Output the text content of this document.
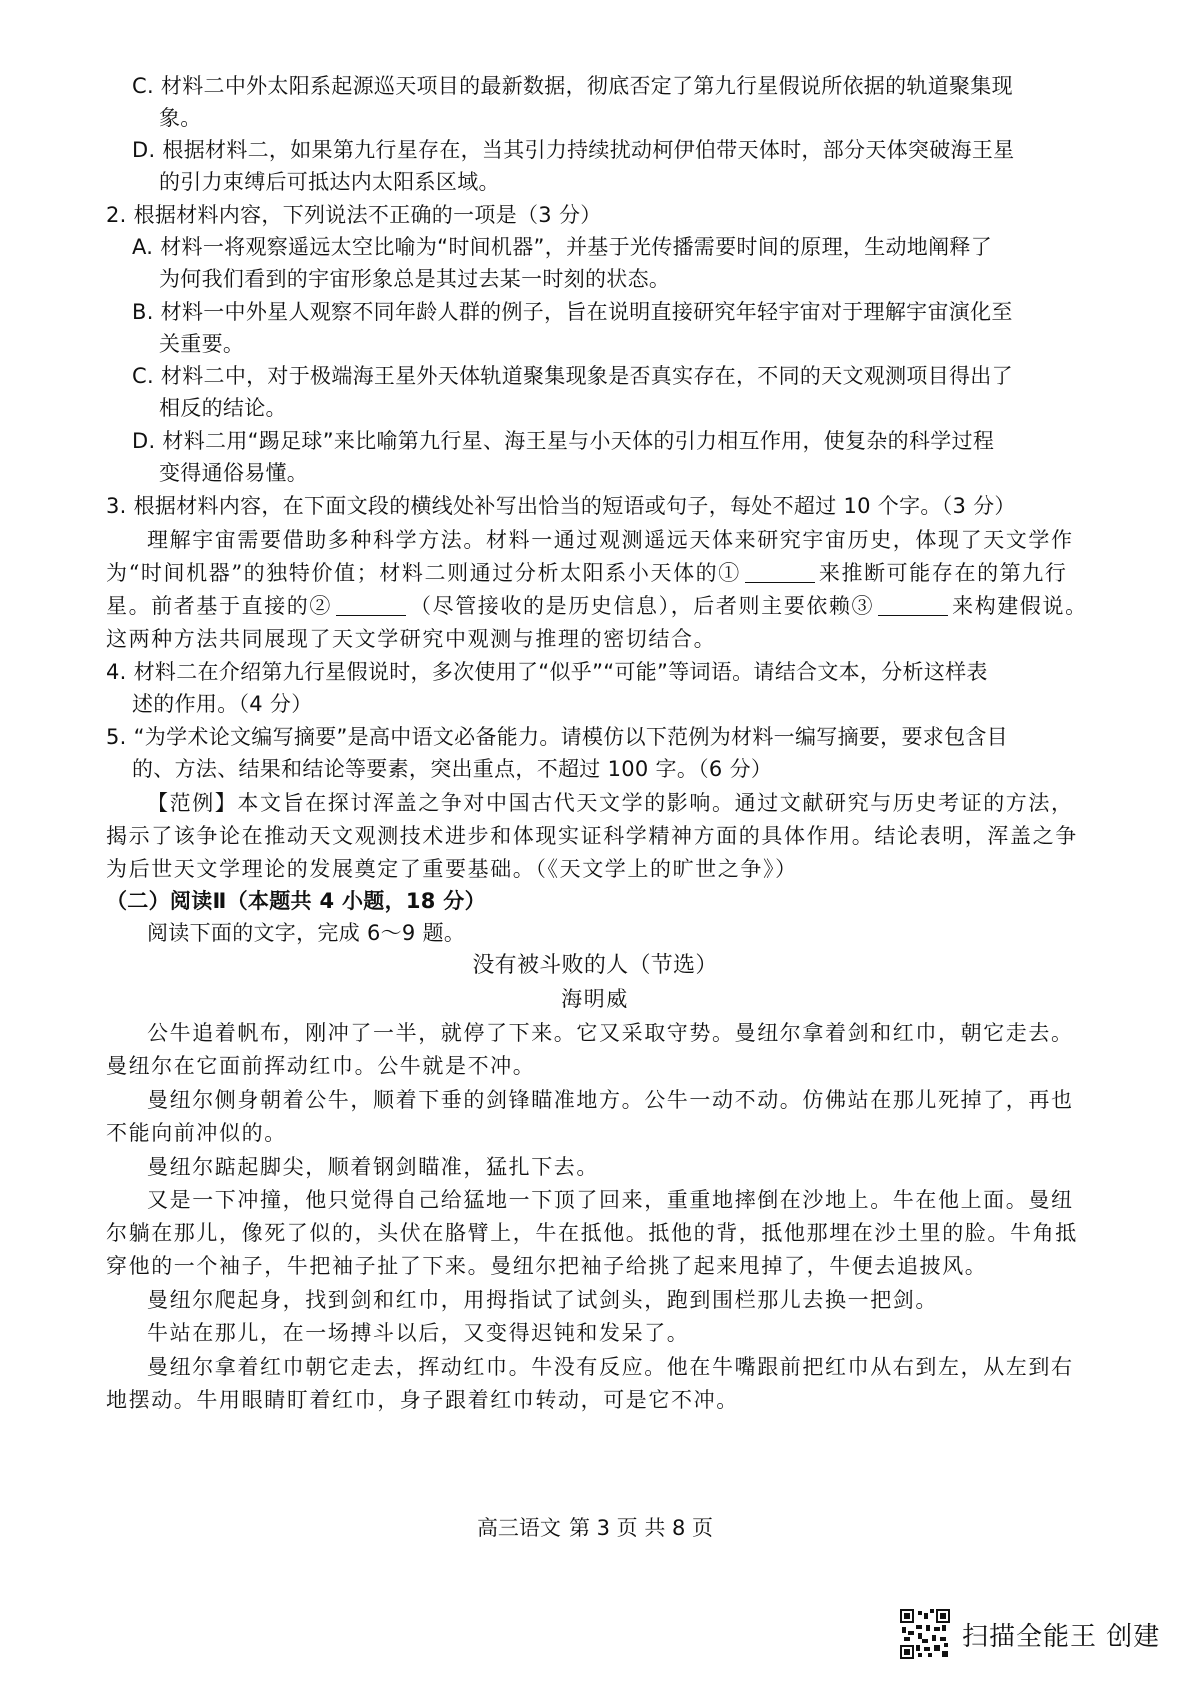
C. 材料二中外太阳系起源巡天项目的最新数据，彻底否定了第九行星假说所依据的轨道聚集现
象。
D. 根据材料二，如果第九行星存在，当其引力持续扰动柯伊伯带天体时，部分天体突破海王星
的引力束缚后可抵达内太阳系区域。
2. 根据材料内容，下列说法不正确的一项是（3 分）
A. 材料一将观察遥远太空比喻为“时间机器”，并基于光传播需要时间的原理，生动地阐释了
为何我们看到的宇宙形象总是其过去某一时刻的状态。
B. 材料一中外星人观察不同年龄人群的例子，旨在说明直接研究年轻宇宙对于理解宇宙演化至
关重要。
C. 材料二中，对于极端海王星外天体轨道聚集现象是否真实存在，不同的天文观测项目得出了
相反的结论。
D. 材料二用“踢足球”来比喻第九行星、海王星与小天体的引力相互作用，使复杂的科学过程
变得通俗易懂。
3. 根据材料内容，在下面文段的横线处补写出恰当的短语或句子，每处不超过 10 个字。（3 分）
理解宇宙需要借助多种科学方法。材料一通过观测遥远天体来研究宇宙历史，体现了天文学作
为“时间机器”的独特价值；材料二则通过分析太阳系小天体的①	来推断可能存在的第九行
星。前者基于直接的②	（尽管接收的是历史信息），后者则主要依赖③	来构建假说。
这两种方法共同展现了天文学研究中观测与推理的密切结合。
4. 材料二在介绍第九行星假说时，多次使用了“似乎”“可能”等词语。请结合文本，分析这样表
述的作用。（4 分）
5. “为学术论文编写摘要”是高中语文必备能力。请模仿以下范例为材料一编写摘要，要求包含目
的、方法、结果和结论等要素，突出重点，不超过 100 字。（6 分）
【范例】本文旨在探讨浑盖之争对中国古代天文学的影响。通过文献研究与历史考证的方法，
揭示了该争论在推动天文观测技术进步和体现实证科学精神方面的具体作用。结论表明，浑盖之争
为后世天文学理论的发展奠定了重要基础。（《天文学上的旷世之争》）
（二）阅读Ⅱ（本题共 4 小题，18 分）
阅读下面的文字，完成 6～9 题。
没有被斗败的人（节选）
海明威
公牛追着帆布，刚冲了一半，就停了下来。它又采取守势。曼纽尔拿着剑和红巾，朝它走去。
曼纽尔在它面前挥动红巾。公牛就是不冲。
曼纽尔侧身朝着公牛，顺着下垂的剑锋瞄准地方。公牛一动不动。仿佛站在那儿死掉了，再也
不能向前冲似的。
曼纽尔踮起脚尖，顺着钢剑瞄准，猛扎下去。
又是一下冲撞，他只觉得自己给猛地一下顶了回来，重重地摔倒在沙地上。牛在他上面。曼纽
尔躺在那儿，像死了似的，头伏在胳臂上，牛在抵他。抵他的背，抵他那埋在沙土里的脸。牛角抵
穿他的一个袖子，牛把袖子扯了下来。曼纽尔把袖子给挑了起来甩掉了，牛便去追披风。
曼纽尔爬起身，找到剑和红巾，用拇指试了试剑头，跑到围栏那儿去换一把剑。
牛站在那儿，在一场搏斗以后，又变得迟钝和发呆了。
曼纽尔拿着红巾朝它走去，挥动红巾。牛没有反应。他在牛嘴跟前把红巾从右到左，从左到右
地摆动。牛用眼睛盯着红巾，身子跟着红巾转动，可是它不冲。
高三语文 第 3 页 共 8 页
扫描全能王 创建
